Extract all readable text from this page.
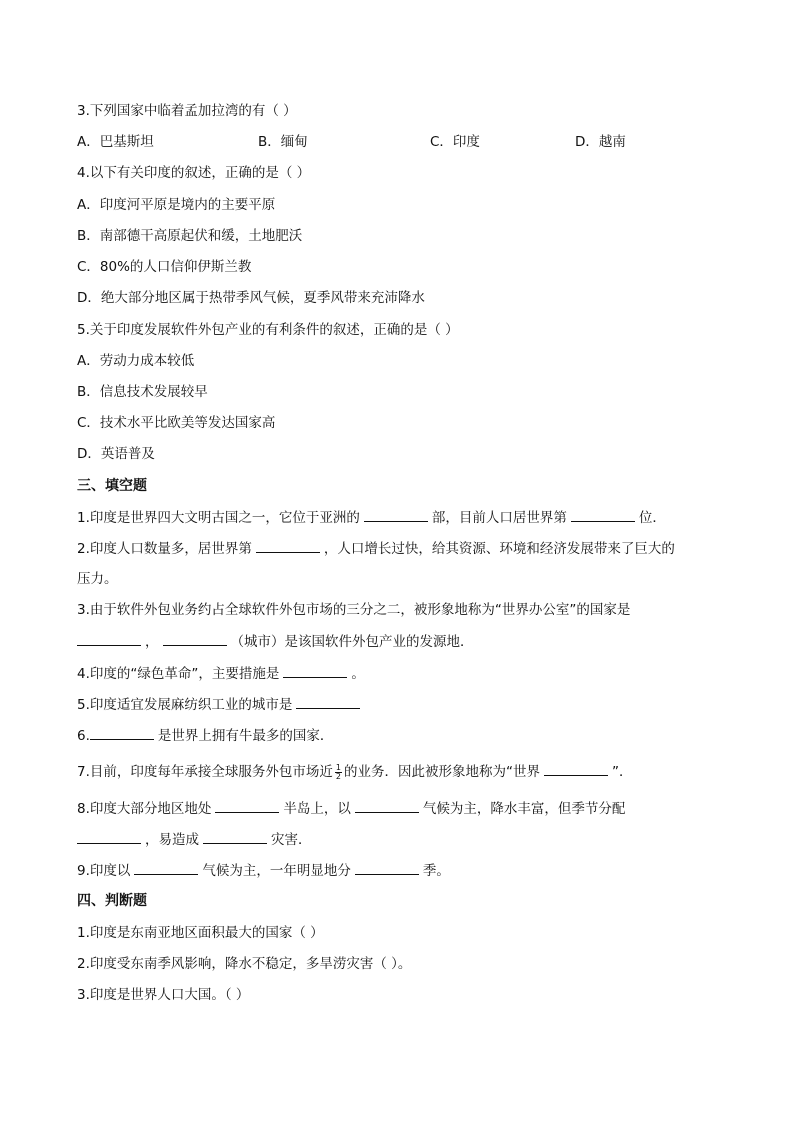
3.下列国家中临着孟加拉湾的有（ ）
A．巴基斯坦	B．缅甸	C．印度	D．越南
4.以下有关印度的叙述，正确的是（ ）
A．印度河平原是境内的主要平原
B．南部德干高原起伏和缓，土地肥沃
C．80%的人口信仰伊斯兰教
D．绝大部分地区属于热带季风气候，夏季风带来充沛降水
5.关于印度发展软件外包产业的有利条件的叙述，正确的是（ ）
A．劳动力成本较低
B．信息技术发展较早
C．技术水平比欧美等发达国家高
D．英语普及
三、填空题
1.印度是世界四大文明古国之一，它位于亚洲的	部，目前人口居世界第	位．
2.印度人口数量多，居世界第	，人口增长过快，给其资源、环境和经济发展带来了巨大的
压力。
3.由于软件外包业务约占全球软件外包市场的三分之二，被形象地称为“世界办公室”的国家是
，	（城市）是该国软件外包产业的发源地．
4.印度的“绿色革命”，主要措施是	。
5.印度适宜发展麻纺织工业的城市是
6.	是世界上拥有牛最多的国家．
7.目前，印度每年承接全球服务外包市场近 $\frac{1}{2}$ 的业务．因此被形象地称为“世界	”．
8.印度大部分地区地处	半岛上，以	气候为主，降水丰富，但季节分配
，易造成	灾害．
9.印度以	气候为主，一年明显地分	季。
四、判断题
1.印度是东南亚地区面积最大的国家（ ）
2.印度受东南季风影响，降水不稳定，多旱涝灾害（ ）。
3.印度是世界人口大国。（ ）
